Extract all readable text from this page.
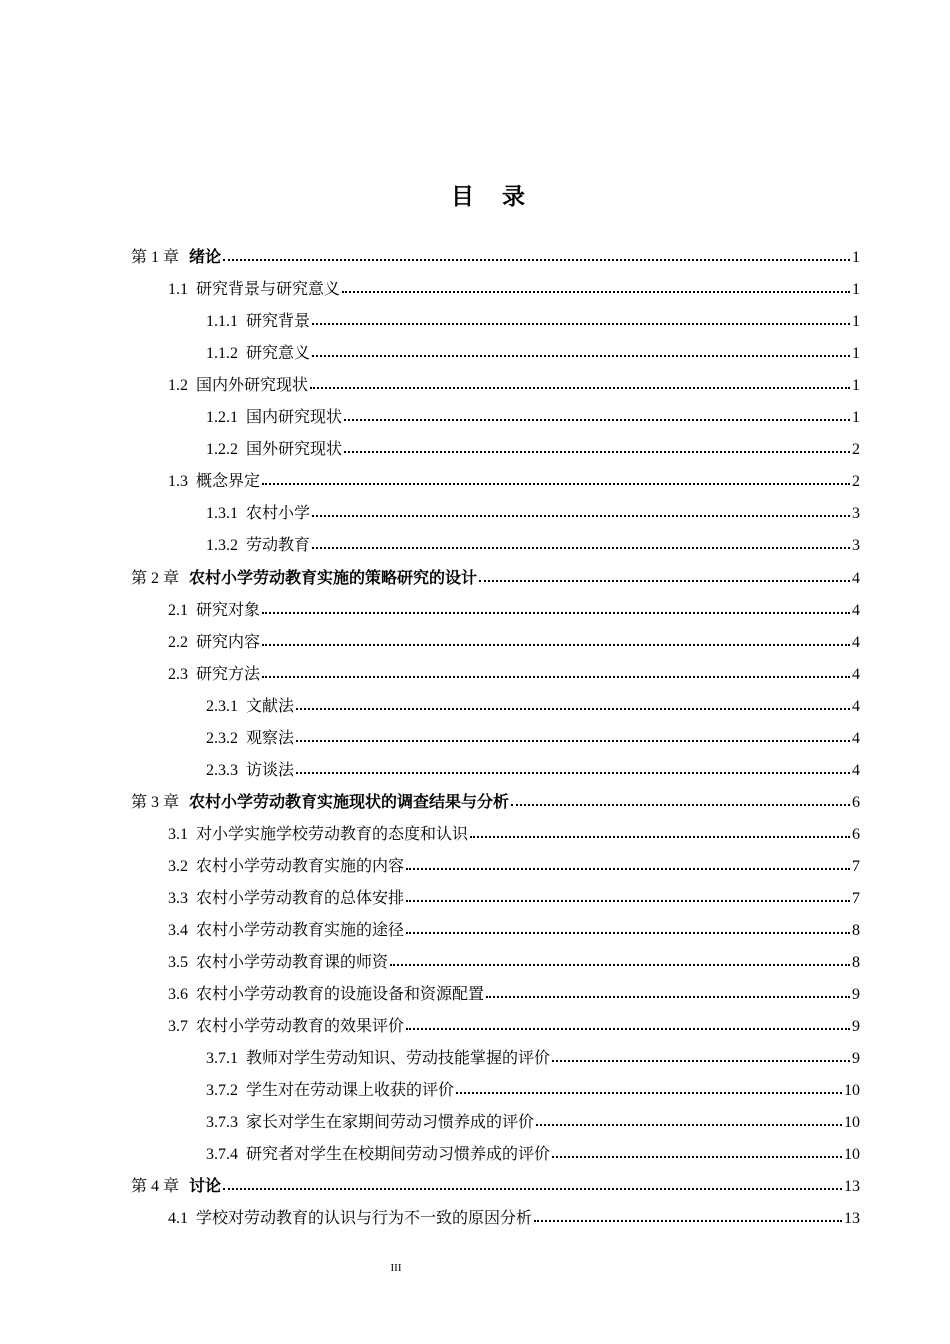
目 录
第 1 章 绪论	1
1.1 研究背景与研究意义	1
1.1.1 研究背景	1
1.1.2 研究意义	1
1.2 国内外研究现状	1
1.2.1 国内研究现状	1
1.2.2 国外研究现状	2
1.3 概念界定	2
1.3.1 农村小学	3
1.3.2 劳动教育	3
第 2 章 农村小学劳动教育实施的策略研究的设计	4
2.1 研究对象	4
2.2 研究内容	4
2.3 研究方法	4
2.3.1 文献法	4
2.3.2 观察法	4
2.3.3 访谈法	4
第 3 章 农村小学劳动教育实施现状的调查结果与分析	6
3.1 对小学实施学校劳动教育的态度和认识	6
3.2 农村小学劳动教育实施的内容	7
3.3 农村小学劳动教育的总体安排	7
3.4 农村小学劳动教育实施的途径	8
3.5 农村小学劳动教育课的师资	8
3.6 农村小学劳动教育的设施设备和资源配置	9
3.7 农村小学劳动教育的效果评价	9
3.7.1 教师对学生劳动知识、劳动技能掌握的评价	9
3.7.2 学生对在劳动课上收获的评价	10
3.7.3 家长对学生在家期间劳动习惯养成的评价	10
3.7.4 研究者对学生在校期间劳动习惯养成的评价	10
第 4 章 讨论	13
4.1 学校对劳动教育的认识与行为不一致的原因分析	13
III
